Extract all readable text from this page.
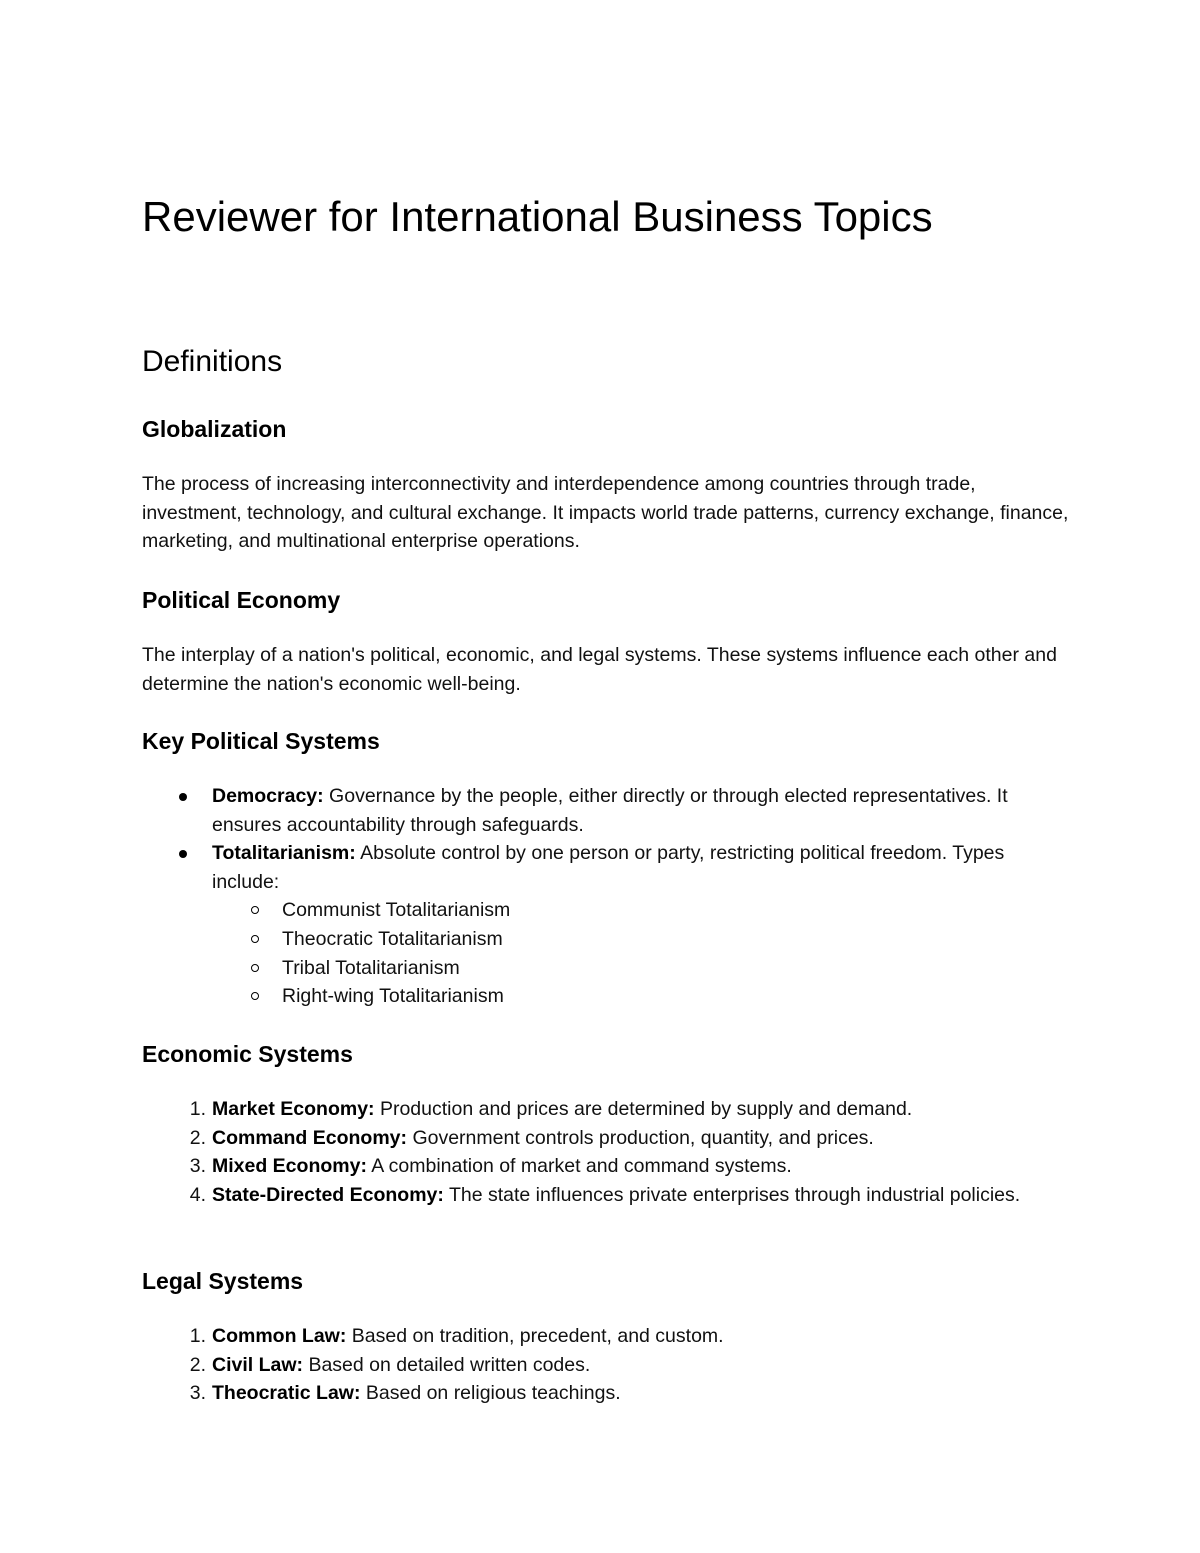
Reviewer for International Business Topics
Definitions
Globalization

The process of increasing interconnectivity and interdependence among countries through trade, investment, technology, and cultural exchange. It impacts world trade patterns, currency exchange, finance, marketing, and multinational enterprise operations.

Political Economy

The interplay of a nation's political, economic, and legal systems. These systems influence each other and determine the nation's economic well-being.

Key Political Systems
Democracy: Governance by the people, either directly or through elected representatives. It ensures accountability through safeguards.
Totalitarianism: Absolute control by one person or party, restricting political freedom. Types include:
Communist Totalitarianism
Theocratic Totalitarianism
Tribal Totalitarianism
Right-wing Totalitarianism
Economic Systems
1. Market Economy: Production and prices are determined by supply and demand.
2. Command Economy: Government controls production, quantity, and prices.
3. Mixed Economy: A combination of market and command systems.
4. State-Directed Economy: The state influences private enterprises through industrial policies.
Legal Systems
1. Common Law: Based on tradition, precedent, and custom.
2. Civil Law: Based on detailed written codes.
3. Theocratic Law: Based on religious teachings.
